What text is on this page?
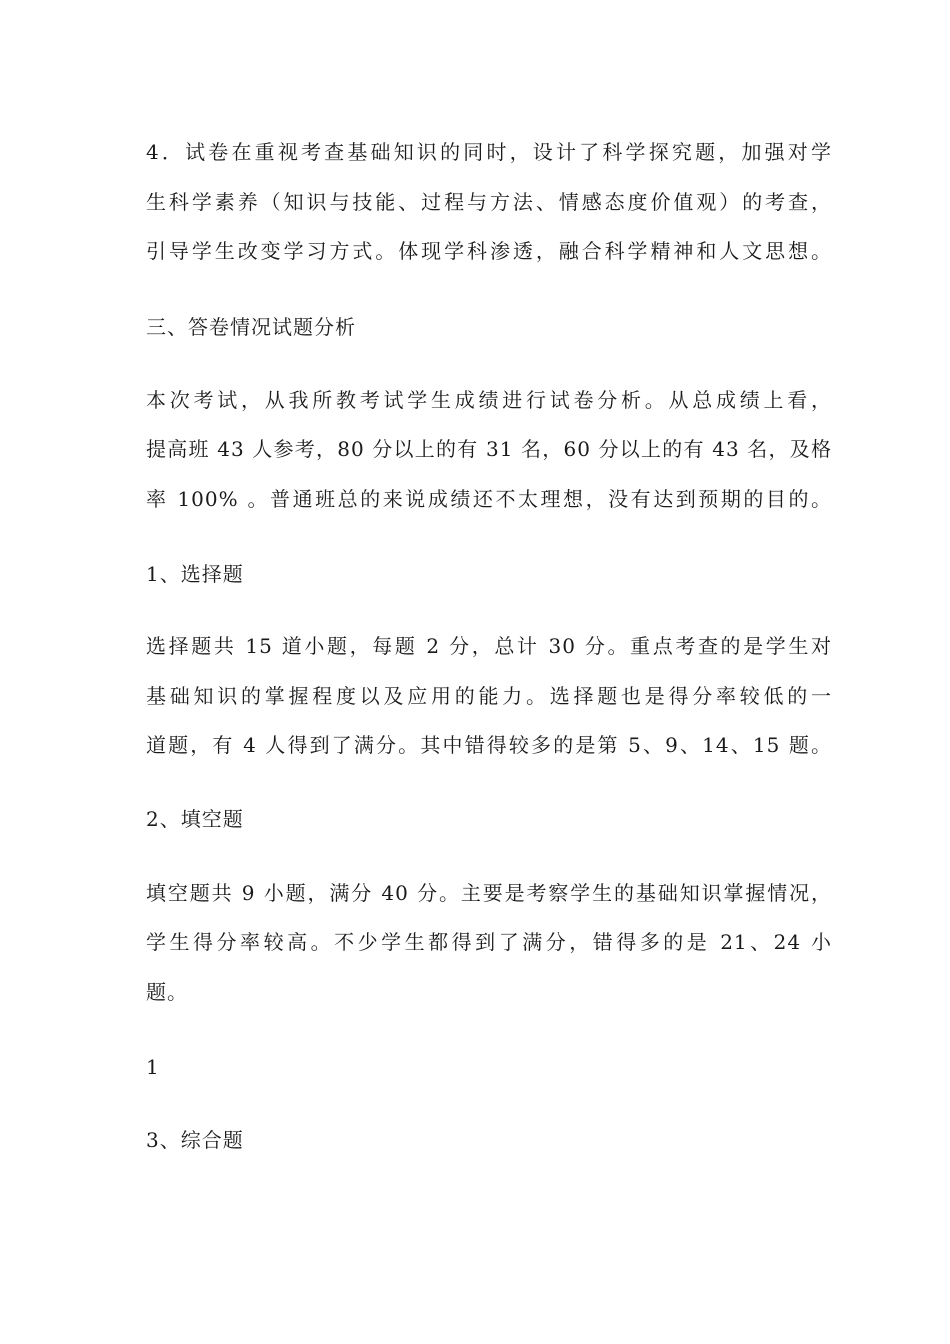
4．试卷在重视考查基础知识的同时，设计了科学探究题，加强对学
生科学素养（知识与技能、过程与方法、情感态度价值观）的考查，
引导学生改变学习方式。体现学科渗透，融合科学精神和人文思想。
三、答卷情况试题分析
本次考试，从我所教考试学生成绩进行试卷分析。从总成绩上看，
提高班 43 人参考，80 分以上的有 31 名，60 分以上的有 43 名，及格
率 100% 。普通班总的来说成绩还不太理想，没有达到预期的目的。
1、选择题
选择题共 15 道小题，每题 2 分，总计 30 分。重点考查的是学生对
基础知识的掌握程度以及应用的能力。选择题也是得分率较低的一
道题，有 4 人得到了满分。其中错得较多的是第 5、9、14、15 题。
2、填空题
填空题共 9 小题，满分 40 分。主要是考察学生的基础知识掌握情况，
学生得分率较高。不少学生都得到了满分，错得多的是 21、24 小
题。
1
3、综合题
